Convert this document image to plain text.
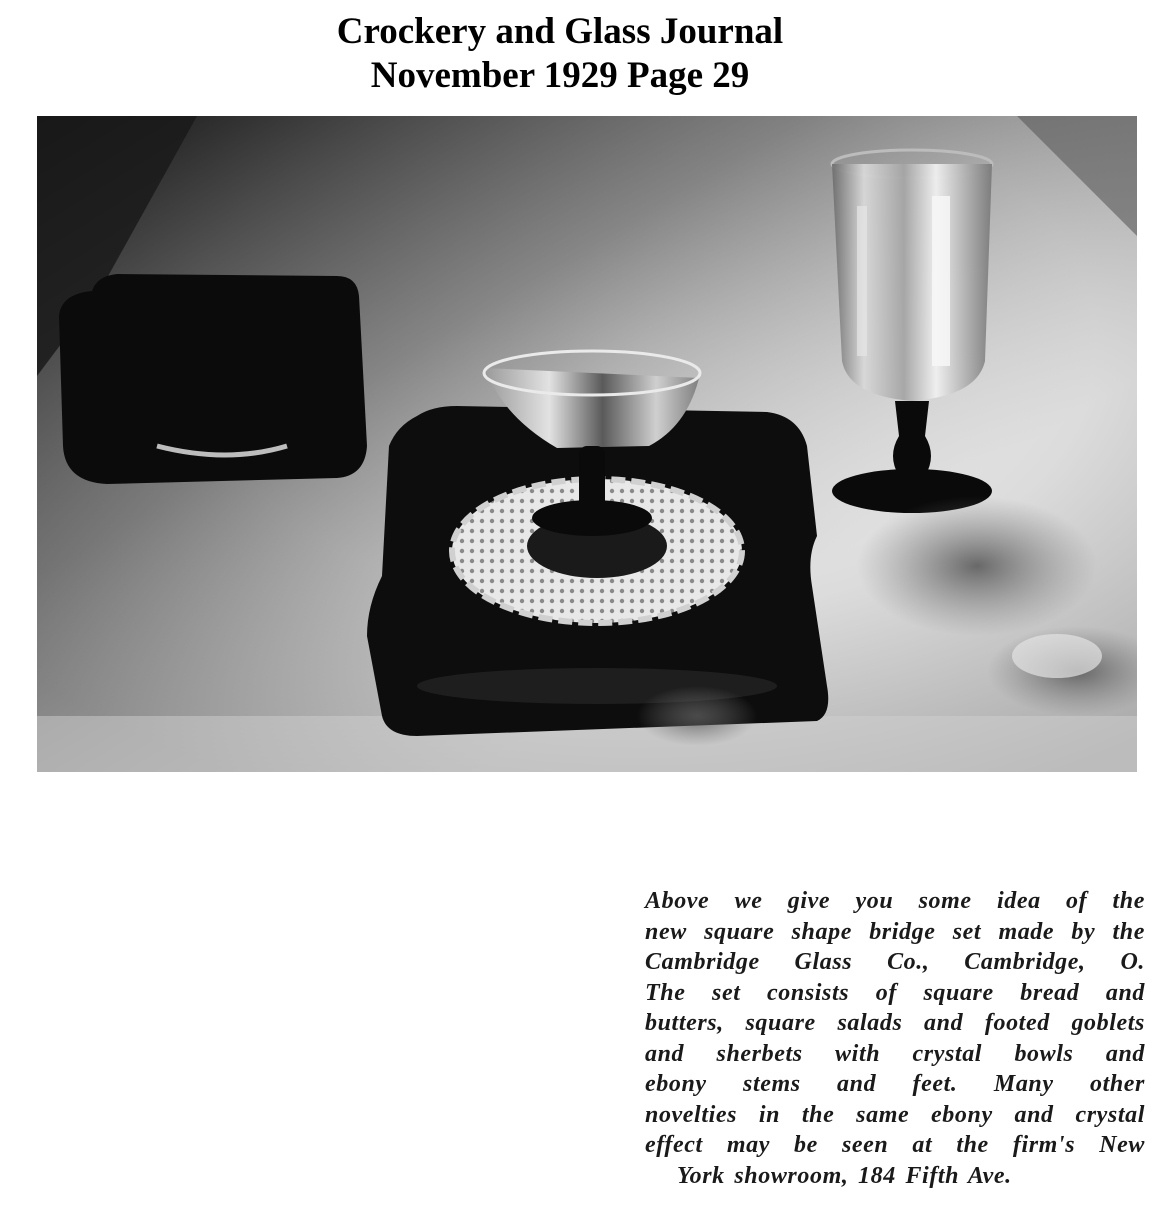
Crockery and Glass Journal
November 1929 Page 29
Above we give you some idea of the
new square shape bridge set made by the
Cambridge Glass Co., Cambridge, O.
The set consists of square bread and
butters, square salads and footed goblets
and sherbets with crystal bowls and
ebony stems and feet. Many other
novelties in the same ebony and crystal
effect may be seen at the firm's New
York showroom, 184 Fifth Ave.
